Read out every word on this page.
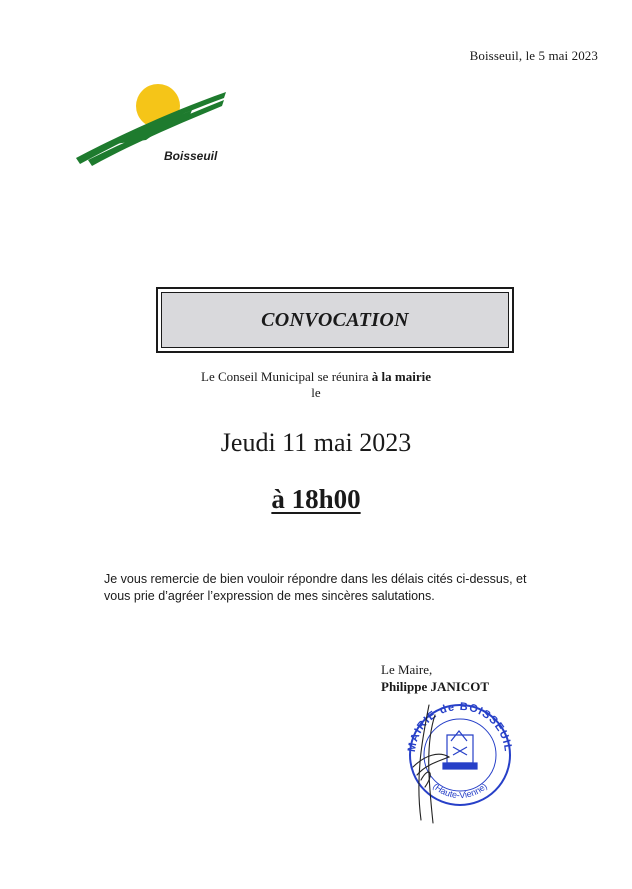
Boisseuil, le 5 mai 2023
Boisseuil
CONVOCATION
Le Conseil Municipal se réunira à la mairie
le
Jeudi 11 mai 2023
à 18h00
Je vous remercie de bien vouloir répondre dans les délais cités ci-dessus, et vous prie d’agréer l’expression de mes sincères salutations.
Le Maire,
Philippe JANICOT
MAIRIE de BOISSEUIL
(Haute-Vienne)
